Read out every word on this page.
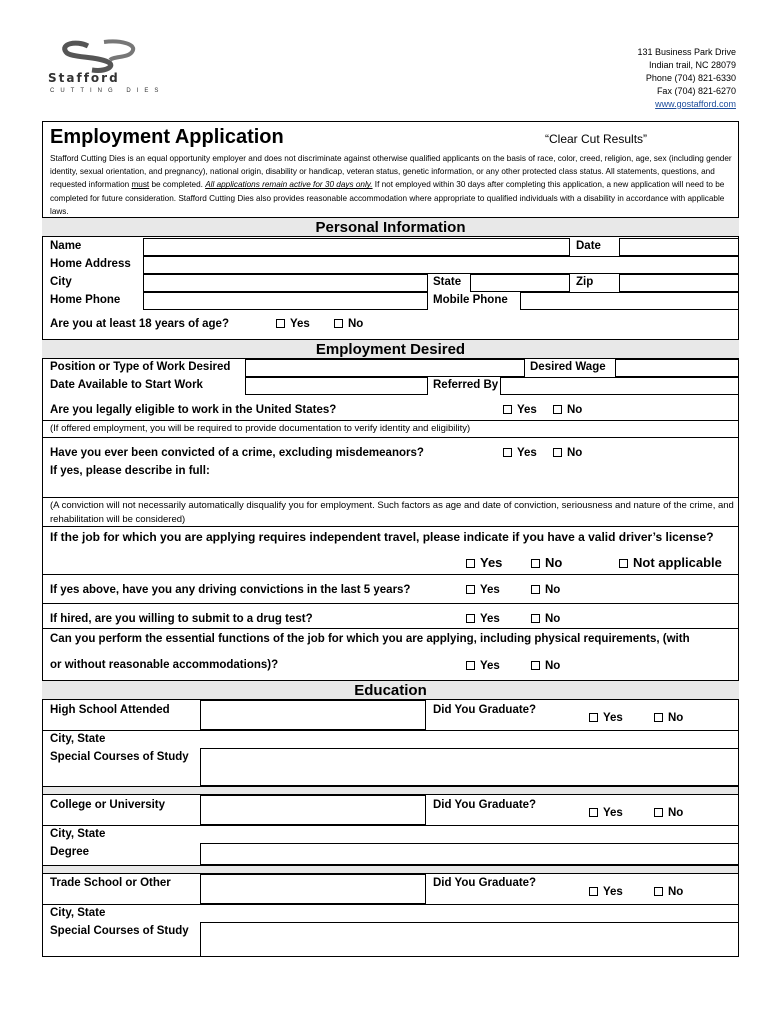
Stafford
CUTTING DIES
131 Business Park Drive
Indian trail, NC 28079
Phone (704) 821-6330
Fax (704) 821-6270
www.gostafford.com
Employment Application	“Clear Cut Results”
Stafford Cutting Dies is an equal opportunity employer and does not discriminate against otherwise qualified applicants on the basis of race, color, creed, religion, age, sex (including gender identity, sexual orientation, and pregnancy), national origin, disability or handicap, veteran status, genetic information, or any other protected class status. All statements, questions, and requested information must be completed. All applications remain active for 30 days only. If not employed within 30 days after completing this application, a new application will need to be completed for future consideration. Stafford Cutting Dies also provides reasonable accommodation where appropriate to qualified individuals with a disability in accordance with applicable laws.
Personal Information
Name	Date
Home Address
City	State	Zip
Home Phone	Mobile Phone
Are you at least 18 years of age?	Yes	No
Employment Desired
Position or Type of Work Desired	Desired Wage
Date Available to Start Work	Referred By
Are you legally eligible to work in the United States?	Yes	No
(If offered employment, you will be required to provide documentation to verify identity and eligibility)
Have you ever been convicted of a crime, excluding misdemeanors?	Yes	No
If yes, please describe in full:
(A conviction will not necessarily automatically disqualify you for employment. Such factors as age and date of conviction, seriousness and nature of the crime, and rehabilitation will be considered)
If the job for which you are applying requires independent travel, please indicate if you have a valid driver’s license?
Yes	No	Not applicable
If yes above, have you any driving convictions in the last 5 years?	Yes	No
If hired, are you willing to submit to a drug test?	Yes	No
Can you perform the essential functions of the job for which you are applying, including physical requirements, (with
or without reasonable accommodations)?	Yes	No
Education
High School Attended	Did You Graduate?
Yes	No
City, State
Special Courses of Study
College or University	Did You Graduate?
Yes	No
City, State
Degree
Trade School or Other	Did You Graduate?
Yes	No
City, State
Special Courses of Study
